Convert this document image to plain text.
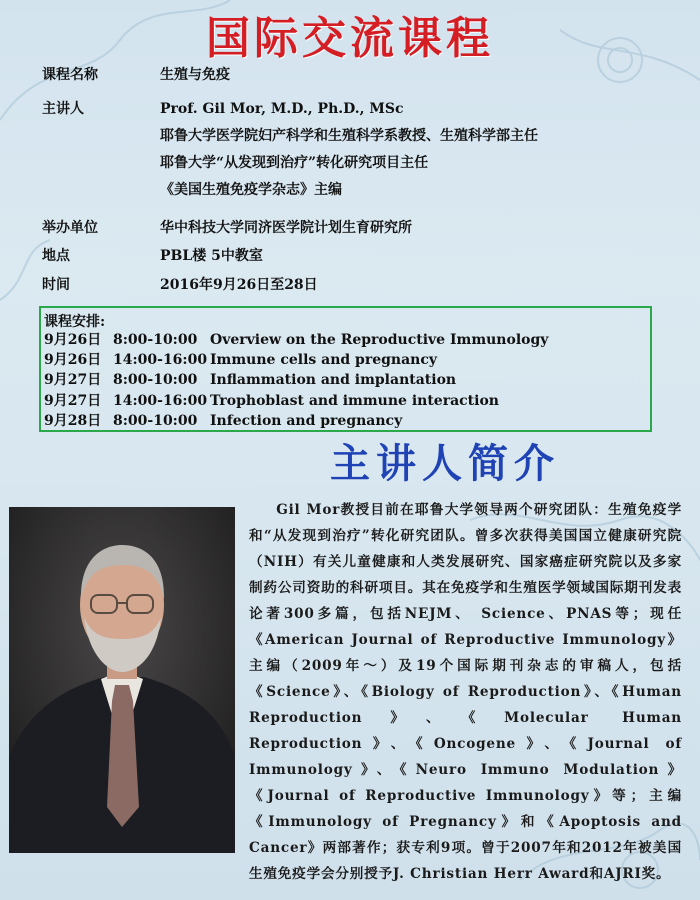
国际交流课程
课程名称	生殖与免疫
主讲人	Prof. Gil Mor, M.D., Ph.D., MSc
耶鲁大学医学院妇产科学和生殖科学系教授、生殖科学部主任
耶鲁大学“从发现到治疗”转化研究项目主任
《美国生殖免疫学杂志》主编
举办单位	华中科技大学同济医学院计划生育研究所
地点	PBL楼 5中教室
时间	2016年9月26日至28日
课程安排:
9月26日 8:00-10:00 Overview on the Reproductive Immunology
9月26日 14:00-16:00 Immune cells and pregnancy
9月27日 8:00-10:00 Inflammation and implantation
9月27日 14:00-16:00 Trophoblast and immune interaction
9月28日 8:00-10:00 Infection and pregnancy
主讲人简介
Gil Mor教授目前在耶鲁大学领导两个研究团队：生殖免疫学和“从发现到治疗”转化研究团队。曾多次获得美国国立健康研究院（NIH）有关儿童健康和人类发展研究、国家癌症研究院以及多家制药公司资助的科研项目。其在免疫学和生殖医学领域国际期刊发表论著300多篇，包括NEJM、 Science、PNAS等；现任《American Journal of Reproductive Immunology》主编（2009年～）及19个国际期刊杂志的审稿人，包括《Science》、《Biology of Reproduction》、《Human Reproduction》、《Molecular Human Reproduction》、《Oncogene》、《Journal of Immunology》、《Neuro Immuno Modulation》《Journal of Reproductive Immunology》等；主编《Immunology of Pregnancy》和《Apoptosis and Cancer》两部著作；获专利9项。曾于2007年和2012年被美国生殖免疫学会分别授予J. Christian Herr Award和AJRI奖。
